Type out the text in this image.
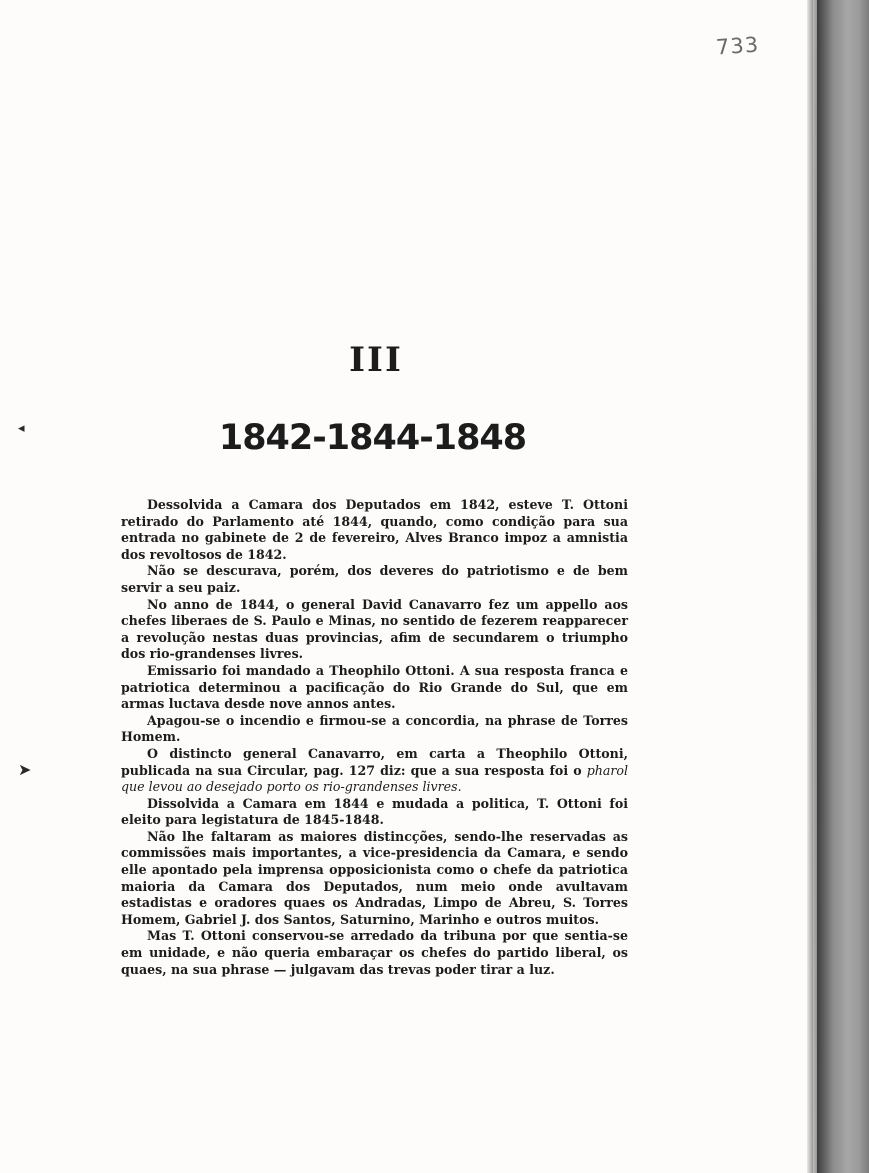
733
III
1842-1844-1848
◂
➤

Dessolvida a Camara dos Deputados em 1842, esteve T. Ottoni retirado do Parlamento até 1844, quando, como condição para sua entrada no gabinete de 2 de fevereiro, Alves Branco impoz a amnistia dos revoltosos de 1842.

Não se descurava, porém, dos deveres do patriotismo e de bem servir a seu paiz.

No anno de 1844, o general David Canavarro fez um appello aos chefes liberaes de S. Paulo e Minas, no sentido de fezerem reapparecer a revolução nestas duas provincias, afim de secundarem o triumpho dos rio-grandenses livres.

Emissario foi mandado a Theophilo Ottoni. A sua resposta franca e patriotica determinou a pacificação do Rio Grande do Sul, que em armas luctava desde nove annos antes.

Apagou-se o incendio e firmou-se a concordia, na phrase de Torres Homem.

O distincto general Canavarro, em carta a Theophilo Ottoni, publicada na sua Circular, pag. 127 diz: que a sua resposta foi o pharol que levou ao desejado porto os rio-grandenses livres.

Dissolvida a Camara em 1844 e mudada a politica, T. Ottoni foi eleito para legistatura de 1845-1848.

Não lhe faltaram as maiores distincções, sendo-lhe reservadas as commissões mais importantes, a vice-presidencia da Camara, e sendo elle apontado pela imprensa opposicionista como o chefe da patriotica maioria da Camara dos Deputados, num meio onde avultavam estadistas e oradores quaes os Andradas, Limpo de Abreu, S. Torres Homem, Gabriel J. dos Santos, Saturnino, Marinho e outros muitos.

Mas T. Ottoni conservou-se arredado da tribuna por que sentia-se em unidade, e não queria embaraçar os chefes do partido liberal, os quaes, na sua phrase — julgavam das trevas poder tirar a luz.
